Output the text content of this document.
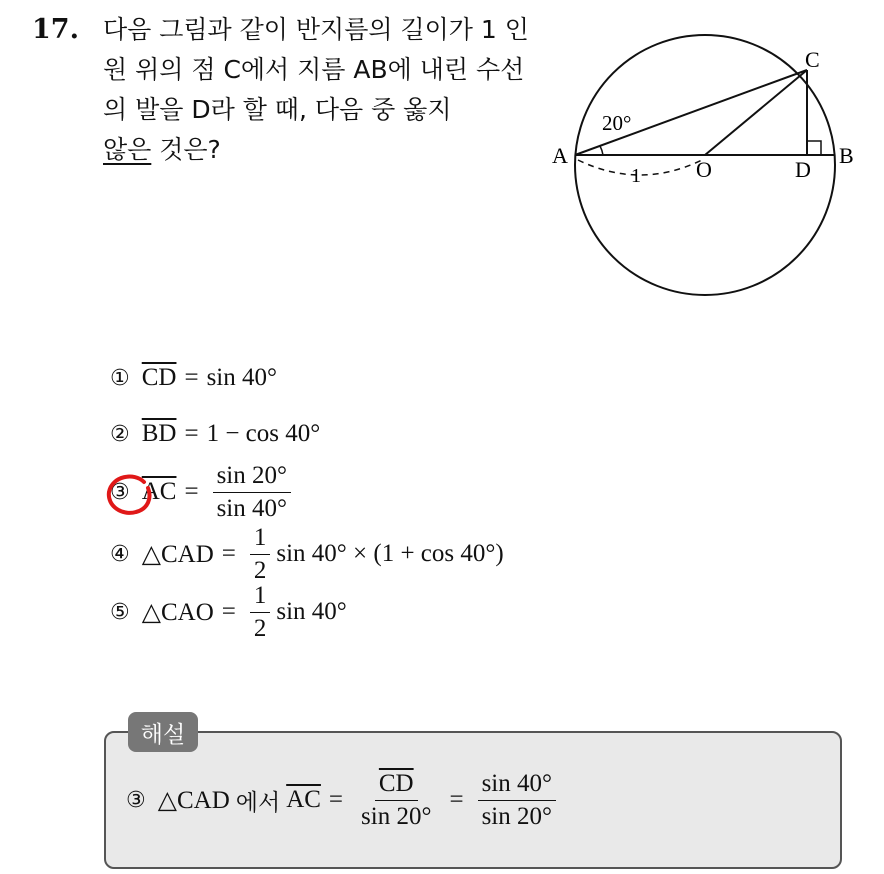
17. 다음 그림과 같이 반지름의 길이가 1 인 원 위의 점 C에서 지름 AB에 내린 수선의 발을 D라 할 때, 다음 중 옳지
않은 것은?	A	B
C
D
O
20°
1
① $\overline{CD} = \sin 40^\circ$
② $\overline{BD} = 1 - \cos 40^\circ$
③ $\overline{AC} = \frac{\sin 20^\circ}{\sin 40^\circ}$
④ △CAD = $\frac{1}{2}$ sin 40° × (1 + cos 40°)
⑤ △CAO = $\frac{1}{2}$ sin 40°
해설
③ △CAD 에서 $\overline{AC} = \frac{\overline{CD}}{\sin 20^\circ} = \frac{\sin 40^\circ}{\sin 20^\circ}$
